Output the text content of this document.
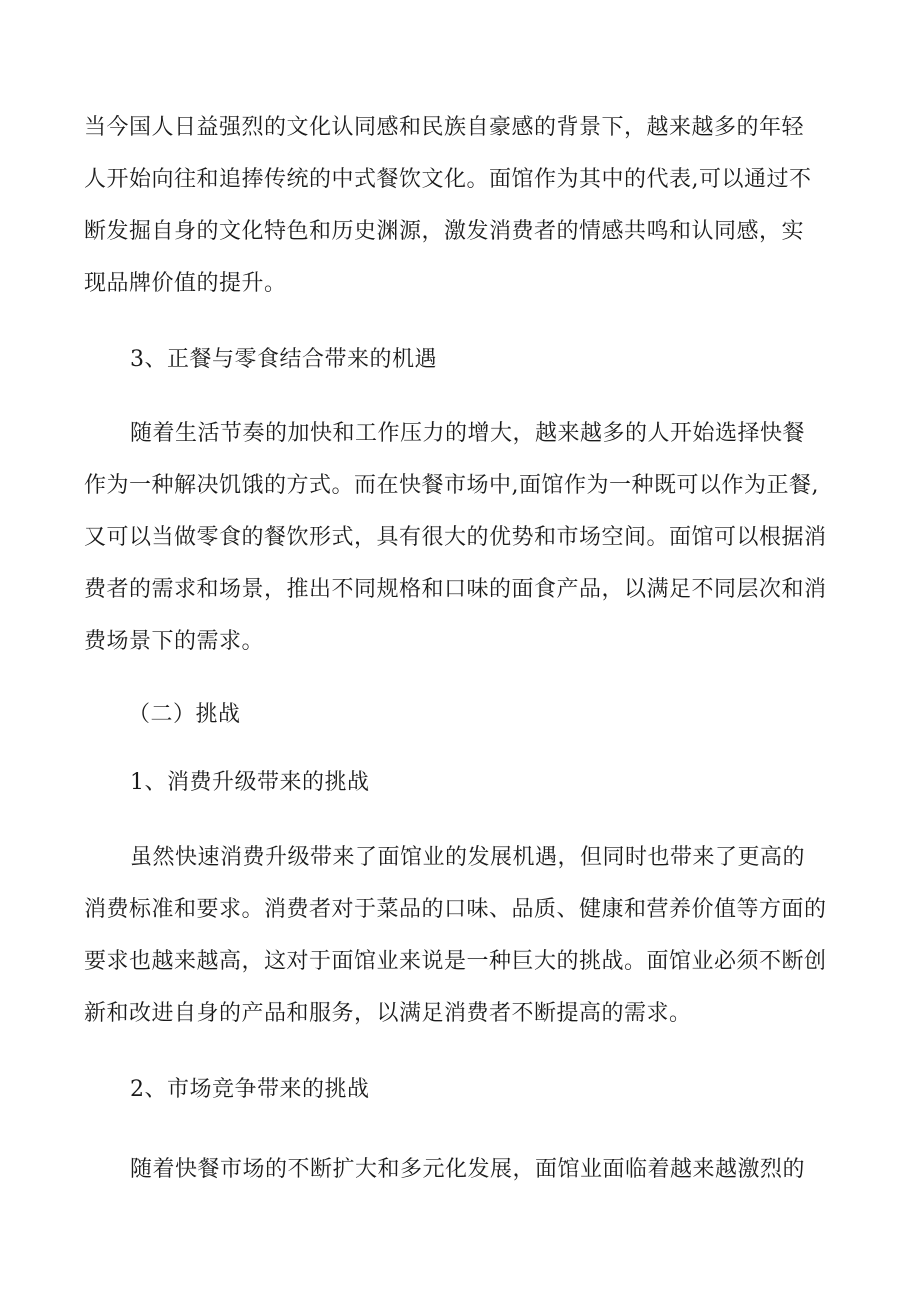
当今国人日益强烈的文化认同感和民族自豪感的背景下，越来越多的年轻
人开始向往和追捧传统的中式餐饮文化。面馆作为其中的代表,可以通过不
断发掘自身的文化特色和历史渊源，激发消费者的情感共鸣和认同感，实
现品牌价值的提升。
3、正餐与零食结合带来的机遇
随着生活节奏的加快和工作压力的增大，越来越多的人开始选择快餐
作为一种解决饥饿的方式。而在快餐市场中,面馆作为一种既可以作为正餐,
又可以当做零食的餐饮形式，具有很大的优势和市场空间。面馆可以根据消
费者的需求和场景，推出不同规格和口味的面食产品，以满足不同层次和消
费场景下的需求。
（二）挑战
1、消费升级带来的挑战
虽然快速消费升级带来了面馆业的发展机遇，但同时也带来了更高的
消费标准和要求。消费者对于菜品的口味、品质、健康和营养价值等方面的
要求也越来越高，这对于面馆业来说是一种巨大的挑战。面馆业必须不断创
新和改进自身的产品和服务，以满足消费者不断提高的需求。
2、市场竞争带来的挑战
随着快餐市场的不断扩大和多元化发展，面馆业面临着越来越激烈的
